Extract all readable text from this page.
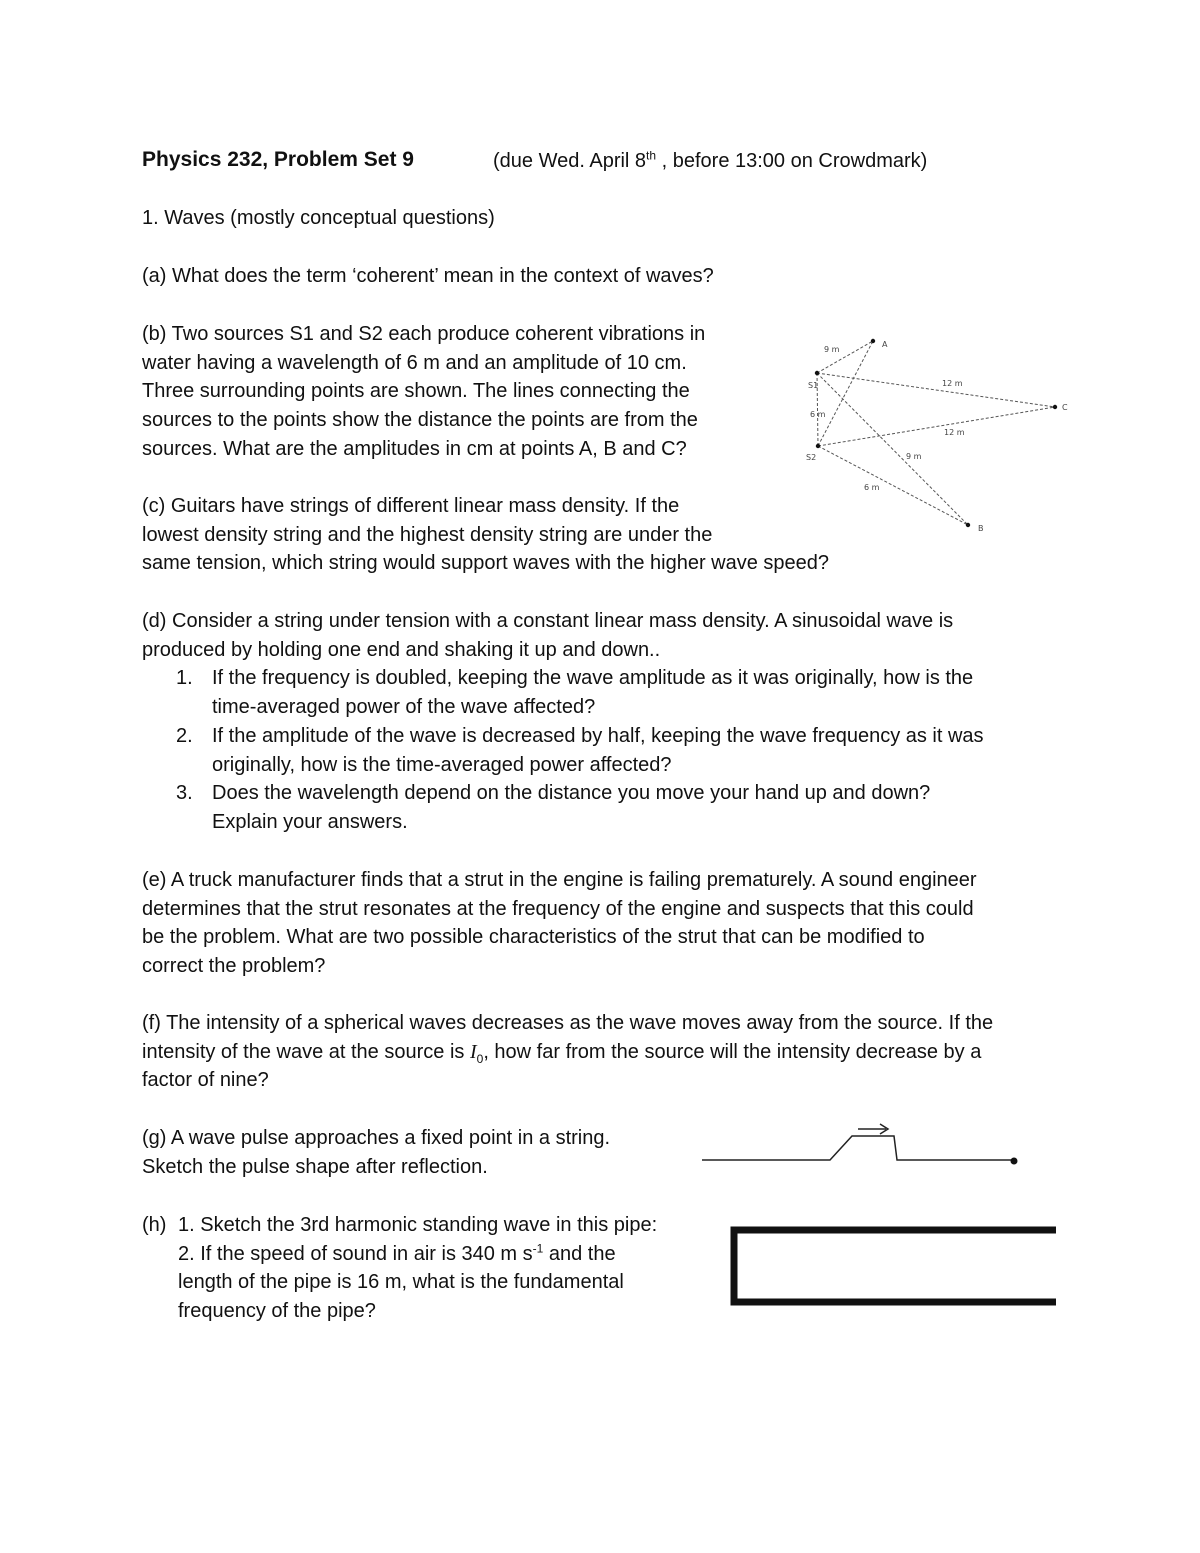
Physics 232, Problem Set 9	(due Wed. April 8th , before 13:00 on Crowdmark)
1. Waves (mostly conceptual questions)
(a) What does the term ‘coherent’ mean in the context of waves?
(b) Two sources S1 and S2 each produce coherent vibrations in
water having a wavelength of 6 m and an amplitude of 10 cm.
Three surrounding points are shown. The lines connecting the
sources to the points show the distance the points are from the
sources. What are the amplitudes in cm at points A, B and C?
S1
S2
A
B
C
9 m
12 m
6 m
12 m
9 m
6 m
(c) Guitars have strings of different linear mass density. If the
lowest density string and the highest density string are under the
same tension, which string would support waves with the higher wave speed?
(d) Consider a string under tension with a constant linear mass density. A sinusoidal wave is
produced by holding one end and shaking it up and down..
1. If the frequency is doubled, keeping the wave amplitude as it was originally, how is the
time-averaged power of the wave affected?
2. If the amplitude of the wave is decreased by half, keeping the wave frequency as it was
originally, how is the time-averaged power affected?
3. Does the wavelength depend on the distance you move your hand up and down?
Explain your answers.
(e) A truck manufacturer finds that a strut in the engine is failing prematurely. A sound engineer
determines that the strut resonates at the frequency of the engine and suspects that this could
be the problem. What are two possible characteristics of the strut that can be modified to
correct the problem?
(f) The intensity of a spherical waves decreases as the wave moves away from the source. If the
intensity of the wave at the source is $I_0$, how far from the source will the intensity decrease by a
factor of nine?
(g) A wave pulse approaches a fixed point in a string.
Sketch the pulse shape after reflection.
(h) 1. Sketch the 3rd harmonic standing wave in this pipe:
2. If the speed of sound in air is 340 m $s^{-1}$ and the
length of the pipe is 16 m, what is the fundamental
frequency of the pipe?
